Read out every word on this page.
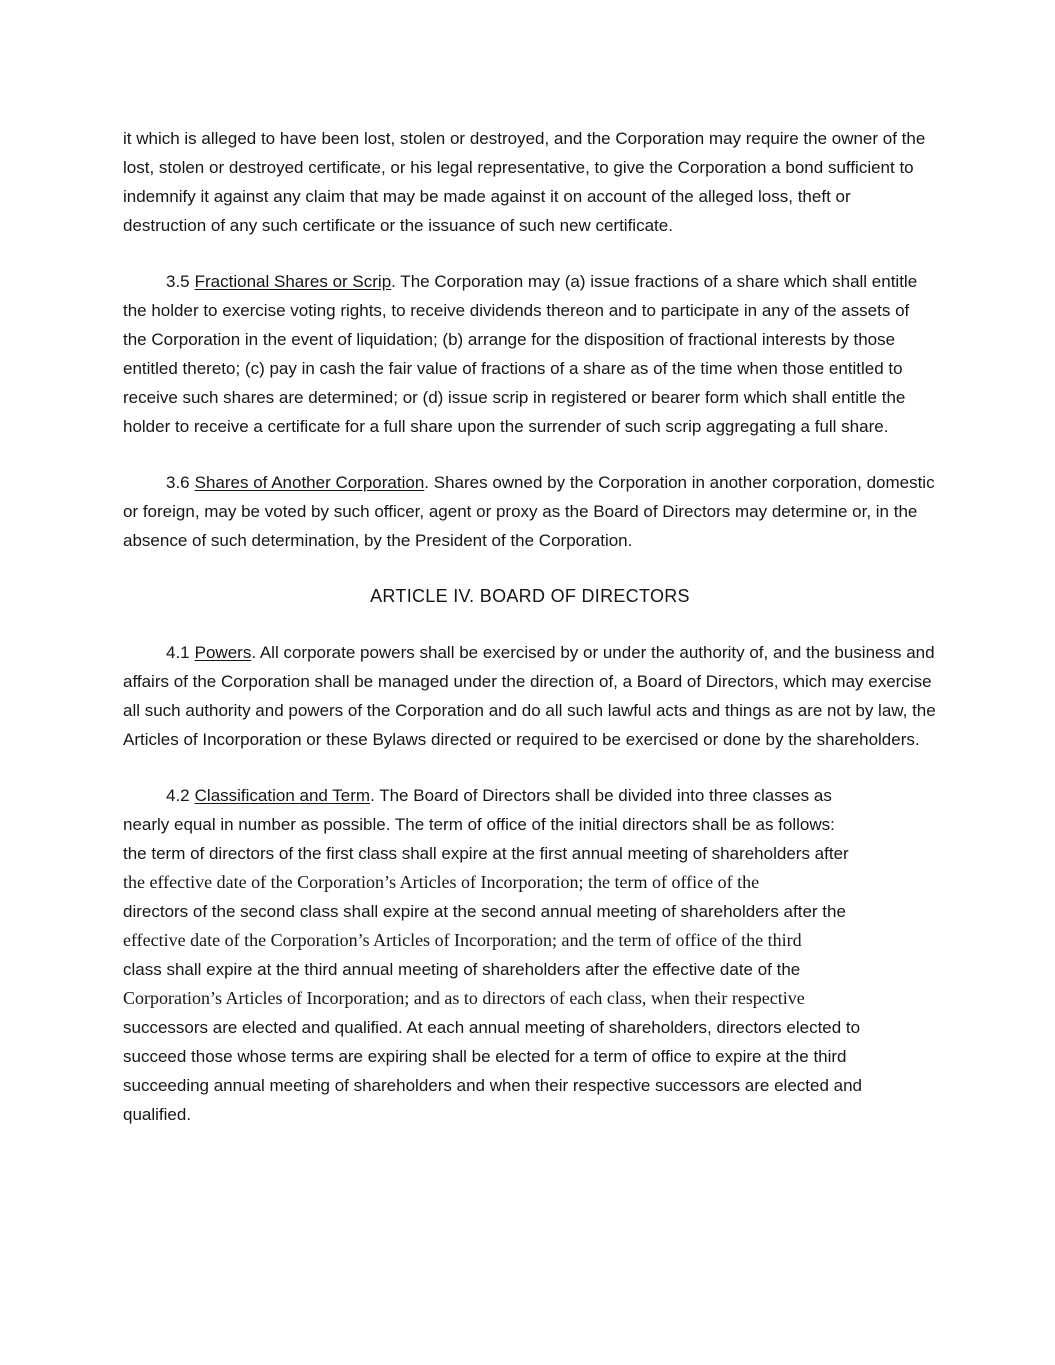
it which is alleged to have been lost, stolen or destroyed, and the Corporation may require the owner of the lost, stolen or destroyed certificate, or his legal representative, to give the Corporation a bond sufficient to indemnify it against any claim that may be made against it on account of the alleged loss, theft or destruction of any such certificate or the issuance of such new certificate.

3.5 Fractional Shares or Scrip. The Corporation may (a) issue fractions of a share which shall entitle the holder to exercise voting rights, to receive dividends thereon and to participate in any of the assets of the Corporation in the event of liquidation; (b) arrange for the disposition of fractional interests by those entitled thereto; (c) pay in cash the fair value of fractions of a share as of the time when those entitled to receive such shares are determined; or (d) issue scrip in registered or bearer form which shall entitle the holder to receive a certificate for a full share upon the surrender of such scrip aggregating a full share.

3.6 Shares of Another Corporation. Shares owned by the Corporation in another corporation, domestic or foreign, may be voted by such officer, agent or proxy as the Board of Directors may determine or, in the absence of such determination, by the President of the Corporation.

ARTICLE IV. BOARD OF DIRECTORS

4.1 Powers. All corporate powers shall be exercised by or under the authority of, and the business and affairs of the Corporation shall be managed under the direction of, a Board of Directors, which may exercise all such authority and powers of the Corporation and do all such lawful acts and things as are not by law, the Articles of Incorporation or these Bylaws directed or required to be exercised or done by the shareholders.

4.2 Classification and Term. The Board of Directors shall be divided into three classes as
nearly equal in number as possible. The term of office of the initial directors shall be as follows:
the term of directors of the first class shall expire at the first annual meeting of shareholders after
the effective date of the Corporation’s Articles of Incorporation; the term of office of the
directors of the second class shall expire at the second annual meeting of shareholders after the
effective date of the Corporation’s Articles of Incorporation; and the term of office of the third
class shall expire at the third annual meeting of shareholders after the effective date of the
Corporation’s Articles of Incorporation; and as to directors of each class, when their respective
successors are elected and qualified. At each annual meeting of shareholders, directors elected to
succeed those whose terms are expiring shall be elected for a term of office to expire at the third
succeeding annual meeting of shareholders and when their respective successors are elected and
qualified.
